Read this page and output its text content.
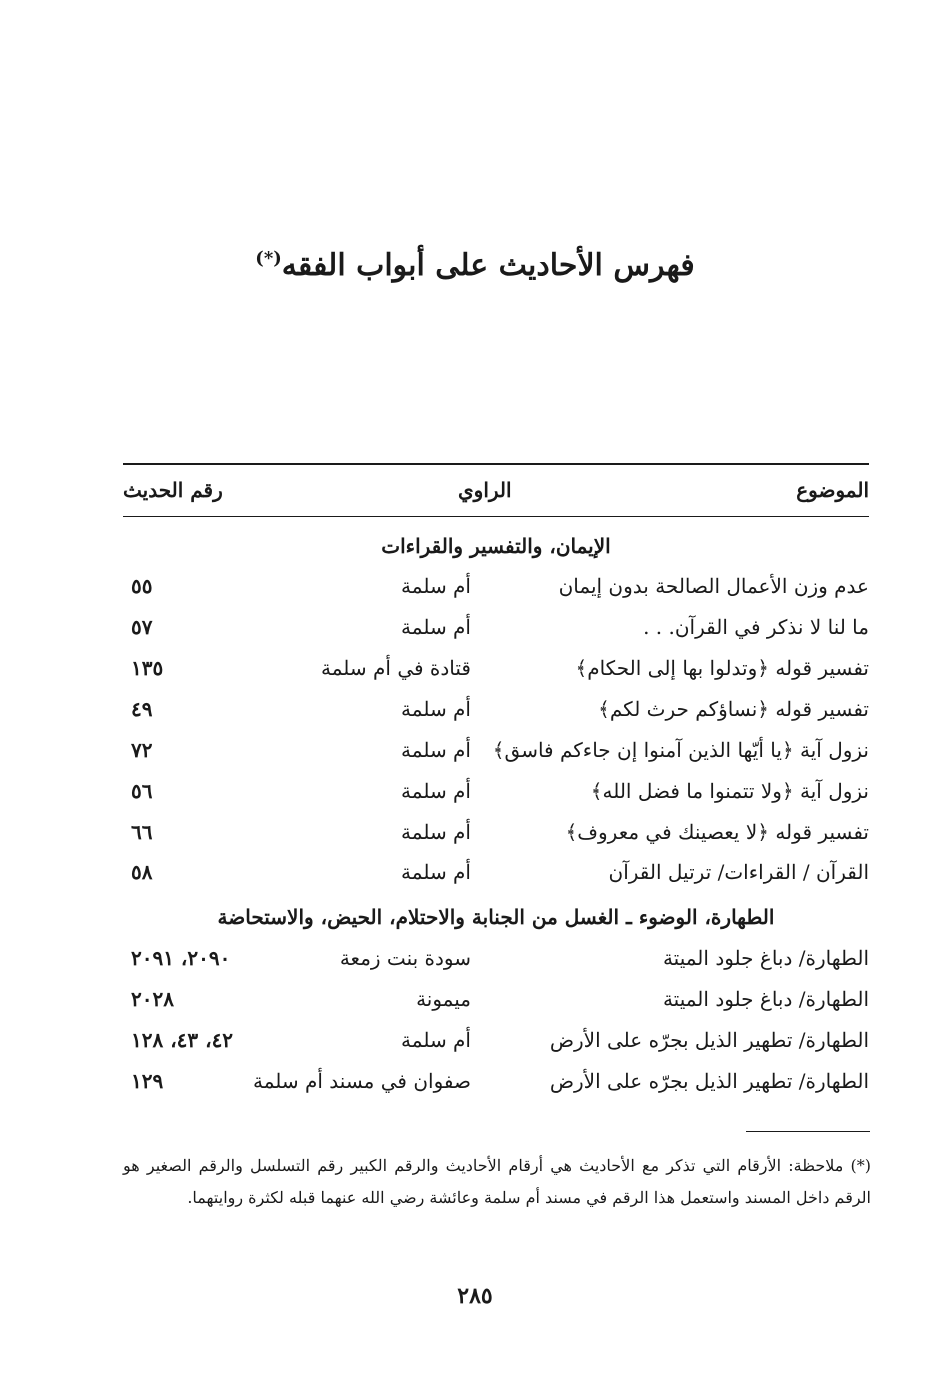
فهرس الأحاديث على أبواب الفقه(*)
الموضوع
الراوي
رقم الحديث
الإيمان، والتفسير والقراءات
عدم وزن الأعمال الصالحة بدون إيمان
أم سلمة
٥٥
ما لنا لا نذكر في القرآن. . .
أم سلمة
٥٧
تفسير قوله ﴿وتدلوا بها إلى الحكام﴾
قتادة في أم سلمة
١٣٥
تفسير قوله ﴿نساؤكم حرث لكم﴾
أم سلمة
٤٩
نزول آية ﴿يا أيّها الذين آمنوا إن جاءكم فاسق﴾
أم سلمة
٧٢
نزول آية ﴿ولا تتمنوا ما فضل الله﴾
أم سلمة
٥٦
تفسير قوله ﴿لا يعصينك في معروف﴾
أم سلمة
٦٦
القرآن / القراءات/ ترتيل القرآن
أم سلمة
٥٨
الطهارة، الوضوء ـ الغسل من الجنابة والاحتلام، الحيض، والاستحاضة
الطهارة/ دباغ جلود الميتة
سودة بنت زمعة
٢٠٩٠، ٢٠٩١
الطهارة/ دباغ جلود الميتة
ميمونة
٢٠٢٨
الطهارة/ تطهير الذيل بجرّه على الأرض
أم سلمة
٤٢، ٤٣، ١٢٨
الطهارة/ تطهير الذيل بجرّه على الأرض
صفوان في مسند أم سلمة
١٢٩
(*) ملاحظة: الأرقام التي تذكر مع الأحاديث هي أرقام الأحاديث والرقم الكبير رقم التسلسل والرقم الصغير هو الرقم داخل المسند واستعمل هذا الرقم في مسند أم سلمة وعائشة رضي الله عنهما قبله لكثرة روايتهما.
٢٨٥
